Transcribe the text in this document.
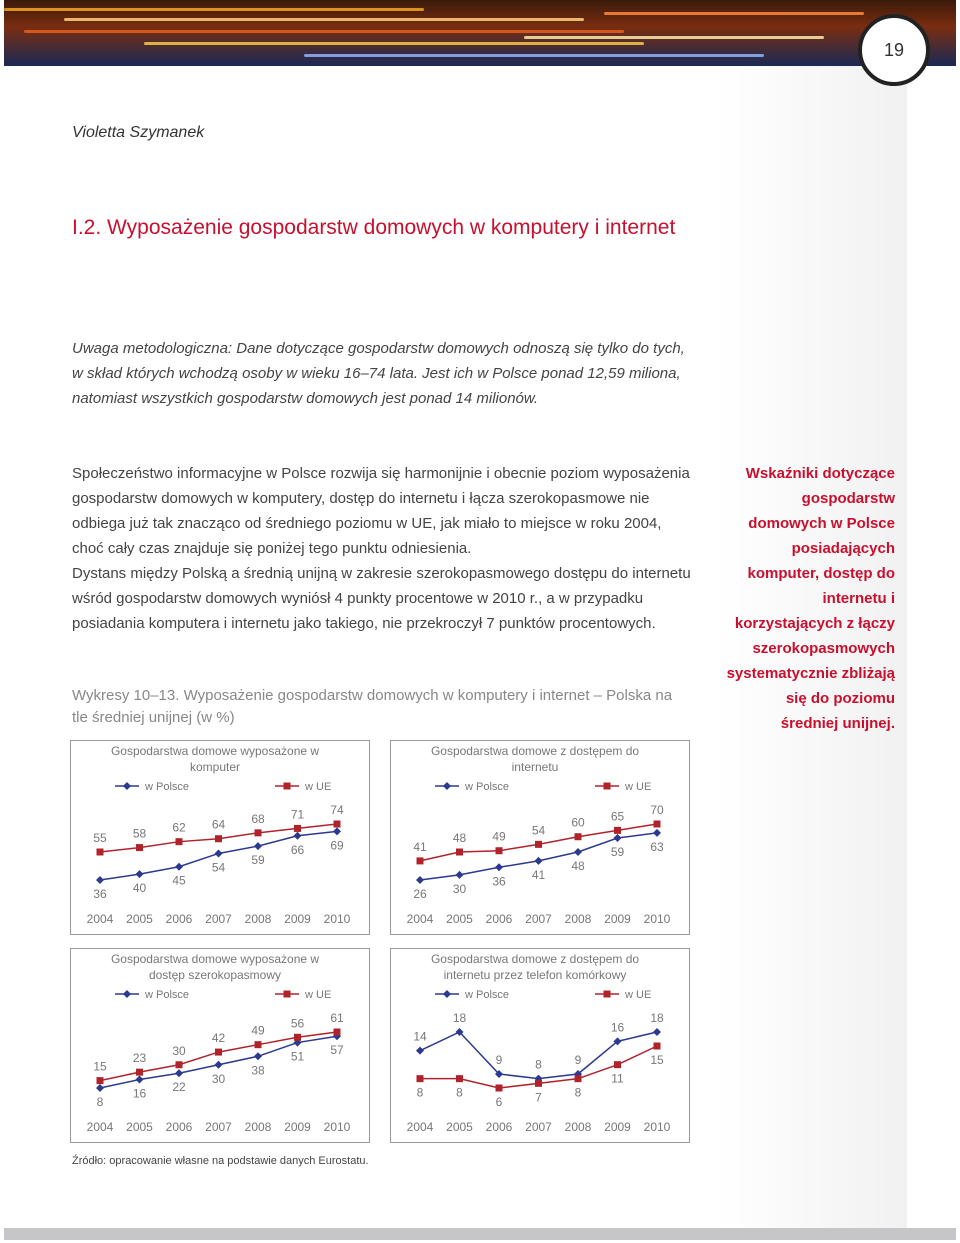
19
Violetta Szymanek
I.2. Wyposażenie gospodarstw domowych w komputery i internet
Uwaga metodologiczna: Dane dotyczące gospodarstw domowych odnoszą się tylko do tych, w skład których wchodzą osoby w wieku 16–74 lata. Jest ich w Polsce ponad 12,59 miliona, natomiast wszystkich gospodarstw domowych jest ponad 14 milionów.

Społeczeństwo informacyjne w Polsce rozwija się harmonijnie i obecnie poziom wyposażenia gospodarstw domowych w komputery, dostęp do internetu i łącza szerokopasmowe nie odbiega już tak znacząco od średniego poziomu w UE, jak miało to miejsce w roku 2004, choć cały czas znajduje się poniżej tego punktu odniesienia.

Dystans między Polską a średnią unijną w zakresie szerokopasmowego dostępu do internetu wśród gospodarstw domowych wyniósł 4 punkty procentowe w 2010 r., a w przypadku posiadania komputera i internetu jako takiego, nie przekroczył 7 punktów procentowych.

Wskaźniki dotyczące gospodarstw domowych w Polsce posiadających komputer, dostęp do internetu i korzystających z łączy szerokopasmowych systematycznie zbliżają się do poziomu średniej unijnej.
Wykresy 10–13. Wyposażenie gospodarstw domowych w komputery i internet – Polska na tle średniej unijnej (w %)
Gospodarstwa domowe wyposażone w
komputer
w Polsce	w UE
36
55
40
58
45
62
54
64
59
68
66
71
69
74
2004 2005 2006 2007 2008 2009 2010
Gospodarstwa domowe z dostępem do
internetu
w Polsce	w UE
26
41
30
48
36
49
41
54
48
60
59
65
63
70
2004 2005 2006 2007 2008 2009 2010
Gospodarstwa domowe wyposażone w
dostęp szerokopasmowy
w Polsce	w UE
8
15
16
23
22
30
30
42
38
49
51
56
57
61
2004 2005 2006 2007 2008 2009 2010
Gospodarstwa domowe z dostępem do
internetu przez telefon komórkowy
w Polsce	w UE
14
8
18
8
9
6
8
7
9
8
16
11
18
15
2004 2005 2006 2007 2008 2009 2010
Źródło: opracowanie własne na podstawie danych Eurostatu.
